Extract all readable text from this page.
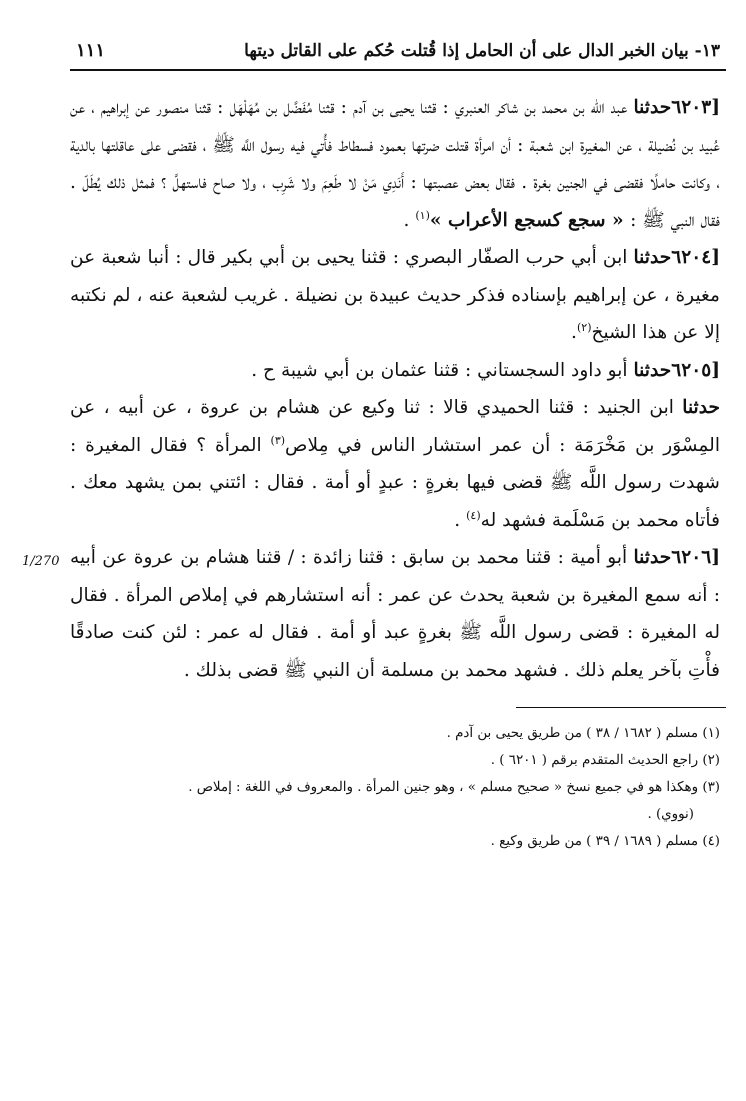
١٣- بيان الخبر الدال على أن الحامل إذا قُتلت حُكم على القاتل ديتها
١١١

[٦٢٠٣حدثنا عبد الله بن محمد بن شاكر العنبري : قثنا يحيى بن آدم : قثنا مُفَضَّل بن مُهَلْهَل : قثنا منصور عن إبراهيم ، عن عُبيد بن نُضيلة ، عن المغيرة ابن شعبة : أن امرأة قتلت ضرتها بعمود فسطاط فأُتي فيه رسول اللَّه ﷺ ، فقضى على عاقلتها بالدية ، وكانت حاملًا فقضى في الجنين بغرة . فقال بعض عصبتها : أَنَدِي مَنْ لا طَعِمَ ولا شَرِب ، ولا صاح فاستهلَّ ؟ فمثل ذلك يُطَلّ . فقال النبي ﷺ : « سجع كسجع الأعراب »$^{(١)}$ .

[٦٢٠٤حدثنا ابن أبي حرب الصفّار البصري : قثنا يحيى بن أبي بكير قال : أنبا شعبة عن مغيرة ، عن إبراهيم بإسناده فذكر حديث عبيدة بن نضيلة . غريب لشعبة عنه ، لم نكتبه إلا عن هذا الشيخ$^{(٢)}$.

[٦٢٠٥حدثنا أبو داود السجستاني : قثنا عثمان بن أبي شيبة ح .

حدثنا ابن الجنيد : قثنا الحميدي قالا : ثنا وكيع عن هشام بن عروة ، عن أبيه ، عن المِسْوَر بن مَخْرَمَة : أن عمر استشار الناس في مِلاص$^{(٣)}$ المرأة ؟ فقال المغيرة : شهدت رسول اللَّه ﷺ قضى فيها بغرةٍ : عبدٍ أو أمة . فقال : ائتني بمن يشهد معك . فأتاه محمد بن مَسْلَمة فشهد له$^{(٤)}$ .

1/270	[٦٢٠٦حدثنا أبو أمية : قثنا محمد بن سابق : قثنا زائدة : / قثنا هشام بن عروة عن أبيه : أنه سمع المغيرة بن شعبة يحدث عن عمر : أنه استشارهم في إملاص المرأة . فقال له المغيرة : قضى رسول اللَّه ﷺ بغرةٍ عبد أو أمة . فقال له عمر : لئن كنت صادقًا فأْتِ بآخر يعلم ذلك . فشهد محمد بن مسلمة أن النبي ﷺ قضى بذلك .

(١) مسلم ( ١٦٨٢ / ٣٨ ) من طريق يحيى بن آدم .

(٢) راجع الحديث المتقدم برقم ( ٦٢٠١ ) .

(٣) وهكذا هو في جميع نسخ « صحيح مسلم » ، وهو جنين المرأة . والمعروف في اللغة : إملاص .

(نووي) .

(٤) مسلم ( ١٦٨٩ / ٣٩ ) من طريق وكيع .
